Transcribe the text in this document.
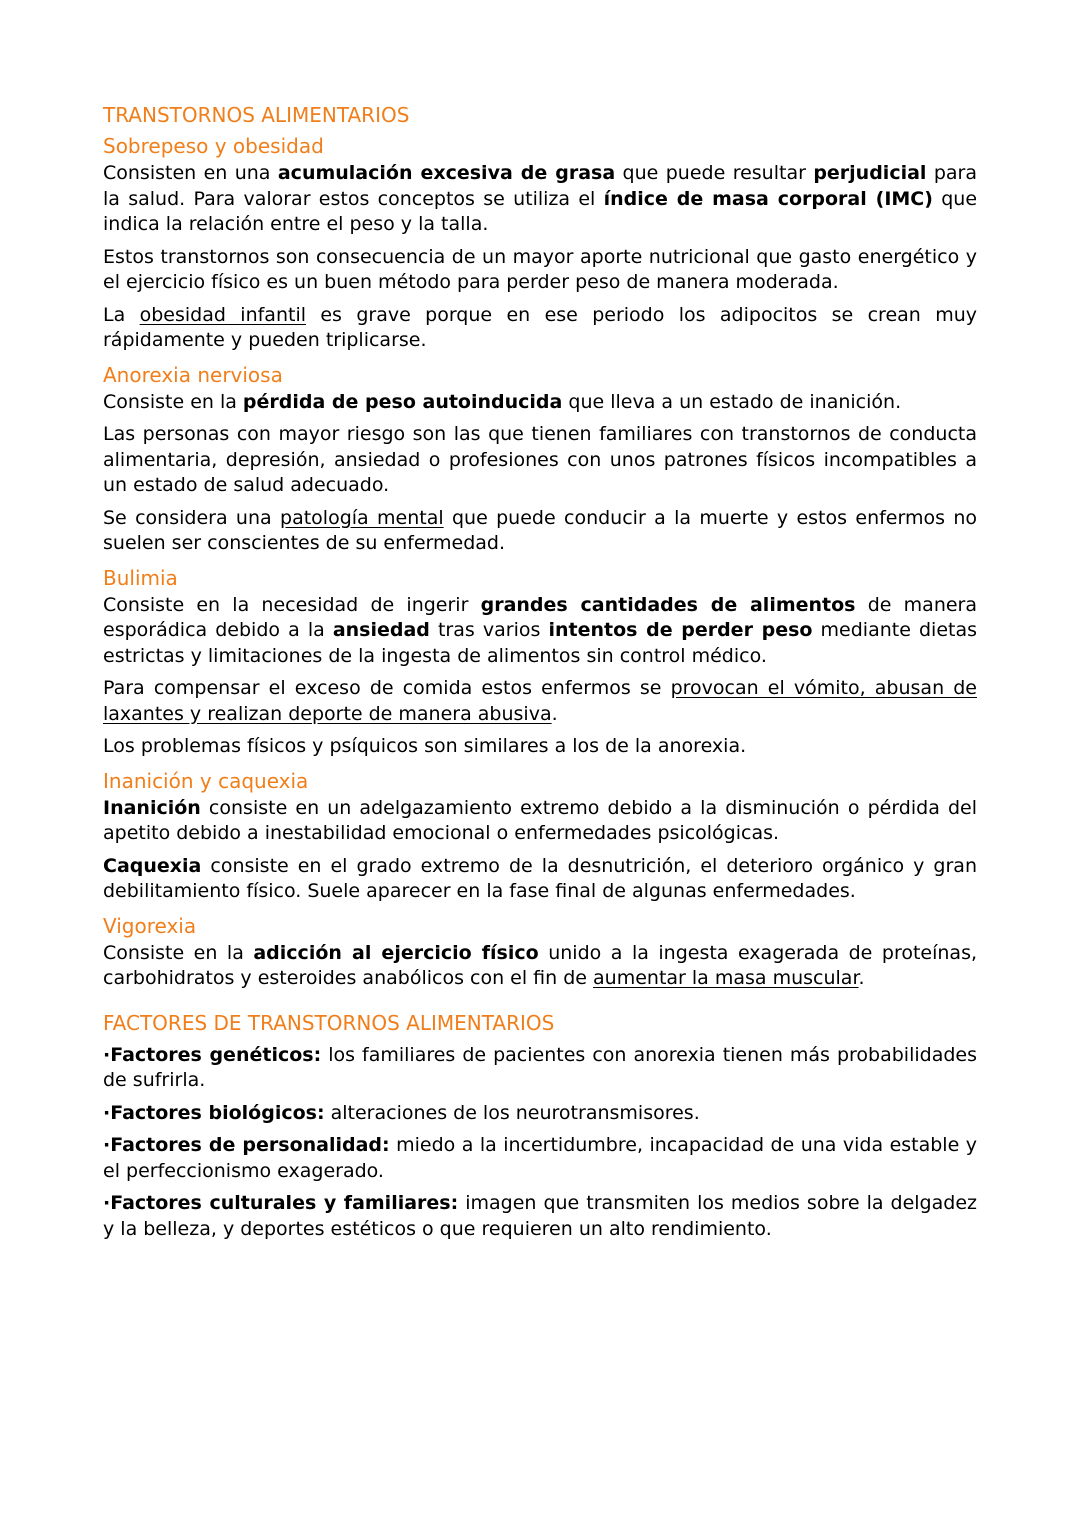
TRANSTORNOS ALIMENTARIOS
Sobrepeso y obesidad

Consisten en una acumulación excesiva de grasa que puede resultar perjudicial para la salud. Para valorar estos conceptos se utiliza el índice de masa corporal (IMC) que indica la relación entre el peso y la talla.

Estos transtornos son consecuencia de un mayor aporte nutricional que gasto energético y el ejercicio físico es un buen método para perder peso de manera moderada.

La obesidad infantil es grave porque en ese periodo los adipocitos se crean muy rápidamente y pueden triplicarse.

Anorexia nerviosa

Consiste en la pérdida de peso autoinducida que lleva a un estado de inanición.

Las personas con mayor riesgo son las que tienen familiares con transtornos de conducta alimentaria, depresión, ansiedad o profesiones con unos patrones físicos incompatibles a un estado de salud adecuado.

Se considera una patología mental que puede conducir a la muerte y estos enfermos no suelen ser conscientes de su enfermedad.

Bulimia

Consiste en la necesidad de ingerir grandes cantidades de alimentos de manera esporádica debido a la ansiedad tras varios intentos de perder peso mediante dietas estrictas y limitaciones de la ingesta de alimentos sin control médico.

Para compensar el exceso de comida estos enfermos se provocan el vómito, abusan de laxantes y realizan deporte de manera abusiva.

Los problemas físicos y psíquicos son similares a los de la anorexia.

Inanición y caquexia

Inanición consiste en un adelgazamiento extremo debido a la disminución o pérdida del apetito debido a inestabilidad emocional o enfermedades psicológicas.

Caquexia consiste en el grado extremo de la desnutrición, el deterioro orgánico y gran debilitamiento físico. Suele aparecer en la fase final de algunas enfermedades.

Vigorexia

Consiste en la adicción al ejercicio físico unido a la ingesta exagerada de proteínas, carbohidratos y esteroides anabólicos con el fin de aumentar la masa muscular.

FACTORES DE TRANSTORNOS ALIMENTARIOS

·Factores genéticos: los familiares de pacientes con anorexia tienen más probabilidades de sufrirla.

·Factores biológicos: alteraciones de los neurotransmisores.

·Factores de personalidad: miedo a la incertidumbre, incapacidad de una vida estable y el perfeccionismo exagerado.

·Factores culturales y familiares: imagen que transmiten los medios sobre la delgadez y la belleza, y deportes estéticos o que requieren un alto rendimiento.
